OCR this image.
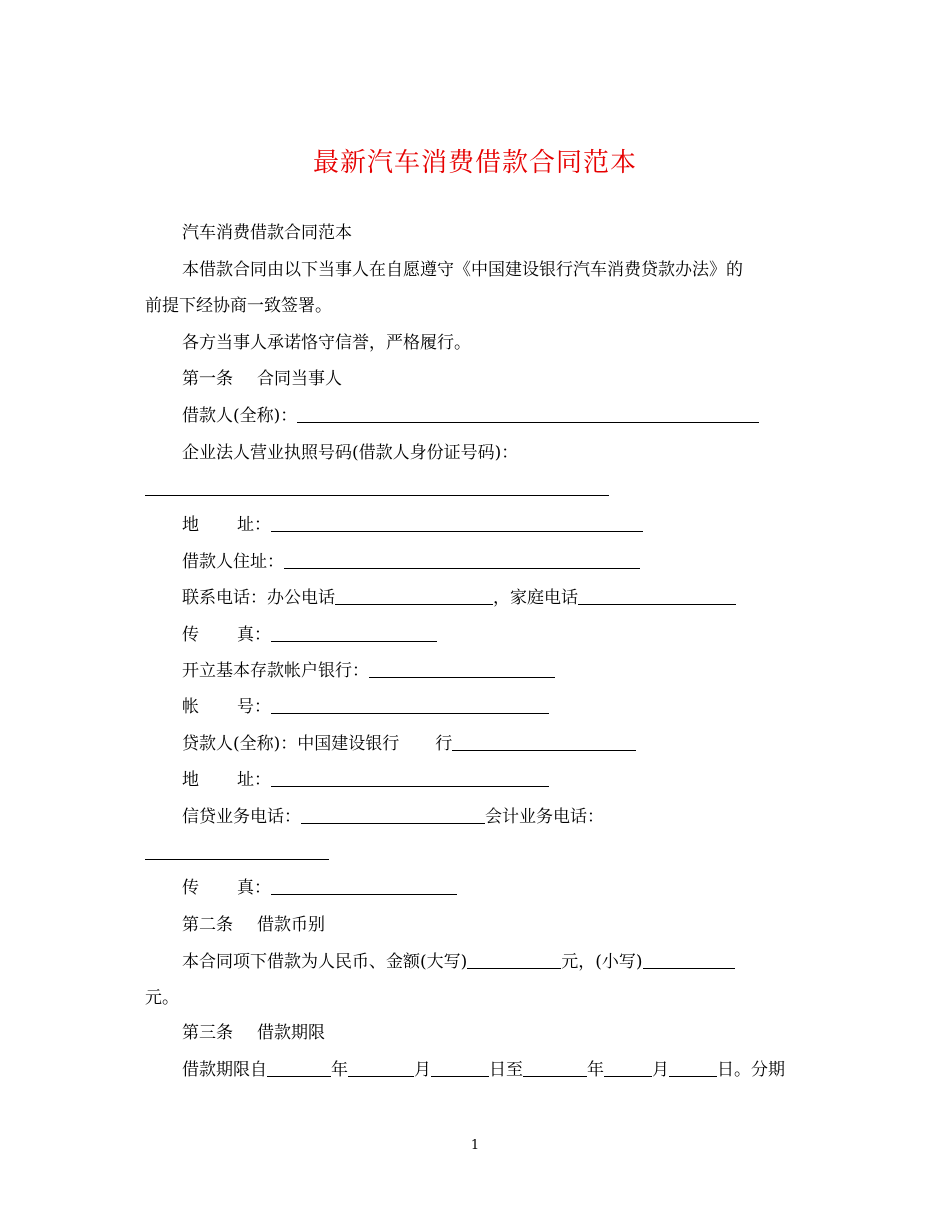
最新汽车消费借款合同范本
汽车消费借款合同范本
本借款合同由以下当事人在自愿遵守《中国建设银行汽车消费贷款办法》的
前提下经协商一致签署。
各方当事人承诺恪守信誉，严格履行。
第一条 合同当事人
借款人(全称)：
企业法人营业执照号码(借款人身份证号码)：
地 址：
借款人住址：
联系电话：办公电话	，家庭电话
传 真：
开立基本存款帐户银行：
帐 号：
贷款人(全称)：中国建设银行 行
地 址：
信贷业务电话：	会计业务电话：
传 真：
第二条 借款币别
本合同项下借款为人民币、金额(大写)	元，(小写)
元。
第三条 借款期限
借款期限自	年	月	日至	年	月	日。分期
1
